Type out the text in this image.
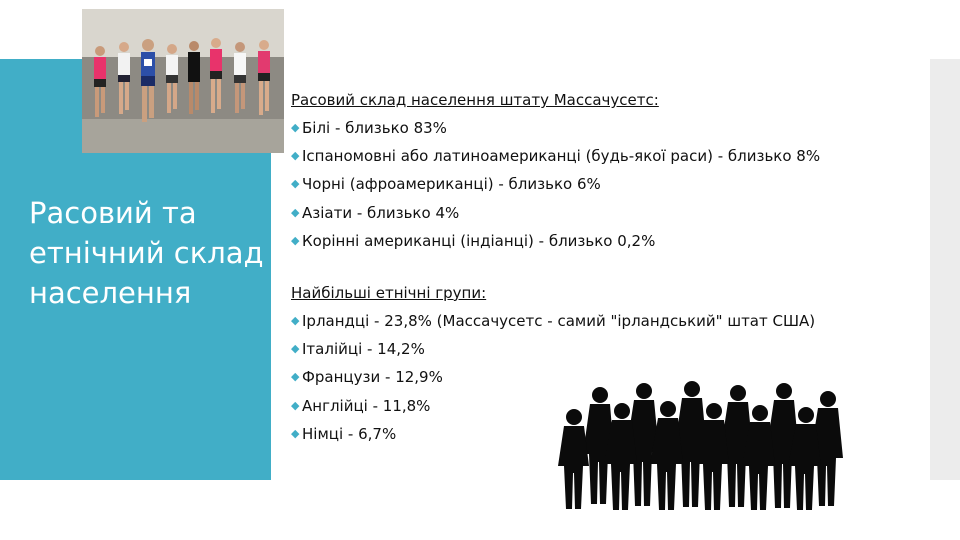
Расовий та етнічний склад населення

Расовий склад населення штату Массачусетс:

◆ Білі - близько 83%
◆ Іспаномовні або латиноамериканці (будь-якої раси) - близько 8%
◆ Чорні (афроамериканці) - близько 6%
◆ Азіати - близько 4%
◆ Корінні американці (індіанці) - близько 0,2%

Найбільші етнічні групи:

◆ Ірландці - 23,8% (Массачусетс - самий "ірландський" штат США)
◆ Італійці - 14,2%
◆ Французи - 12,9%
◆ Англійці - 11,8%
◆ Німці - 6,7%
